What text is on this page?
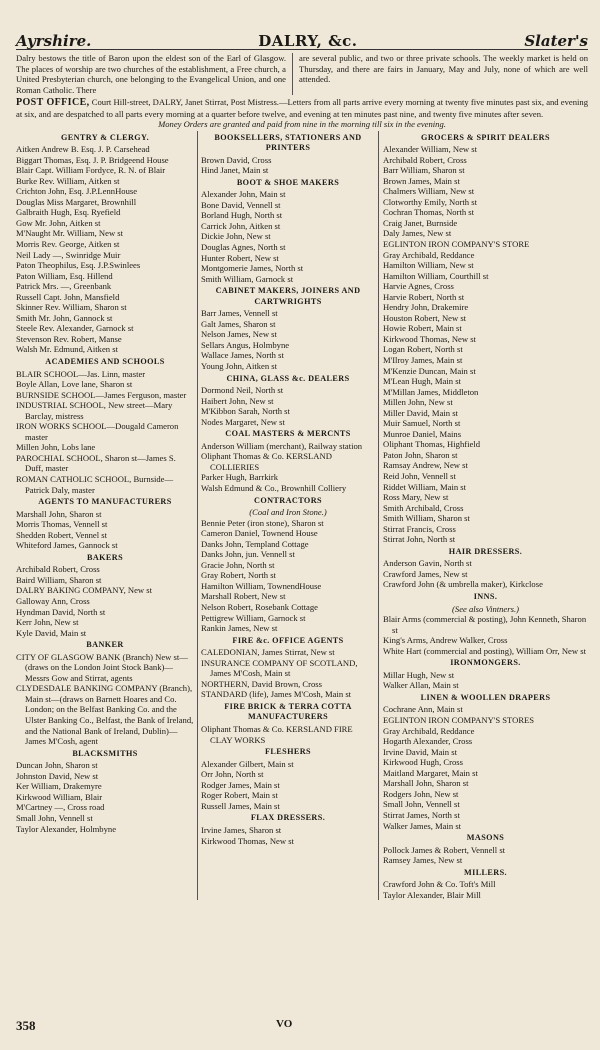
Ayrshire.	DALRY, &c.	Slater's
Dalry bestows the title of Baron upon the eldest son of the Earl of Glasgow. The places of worship are two churches of the establishment, a Free church, a United Presbyterian church, one belonging to the Evangelical Union, and one Roman Catholic. There
are several public, and two or three private schools. The weekly market is held on Thursday, and there are fairs in January, May and July, none of which are well attended.
POST OFFICE, Court Hill-street, DALRY, Janet Stirrat, Post Mistress.—Letters from all parts arrive every morning at twenty five minutes past six, and evening at six, and are despatched to all parts every morning at a quarter before twelve, and evening at ten minutes past nine, and twenty five minutes after seven.
Money Orders are granted and paid from nine in the morning till six in the evening.
GENTRY & CLERGY.
Aitken Andrew B. Esq. J. P. Carsehead
Biggart Thomas, Esq. J. P. Bridgeend House
Blair Capt. William Fordyce, R. N. of Blair
Burke Rev. William, Aitken st
Crichton John, Esq. J.P.LennHouse
Douglas Miss Margaret, Brownhill
Galbraith Hugh, Esq. Ryefield
Gow Mr. John, Aitken st
M'Naught Mr. William, New st
Morris Rev. George, Aitken st
Neil Lady —, Swinridge Muir
Paton Theophilus, Esq. J.P.Swinlees
Paton William, Esq. Hillend
Patrick Mrs. —, Greenbank
Russell Capt. John, Mansfield
Skinner Rev. William, Sharon st
Smith Mr. John, Gannock st
Steele Rev. Alexander, Garnock st
Stevenson Rev. Robert, Manse
Walsh Mr. Edmund, Aitken st
ACADEMIES AND SCHOOLS
BLAIR SCHOOL—Jas. Linn, master
Boyle Allan, Love lane, Sharon st
BURNSIDE SCHOOL—James Ferguson, master
INDUSTRIAL SCHOOL, New street—Mary Barclay, mistress
IRON WORKS SCHOOL—Dougald Cameron master
Millen John, Lobs lane
PAROCHIAL SCHOOL, Sharon st—James S. Duff, master
ROMAN CATHOLIC SCHOOL, Burnside—Patrick Daly, master
AGENTS TO MANUFACTURERS
Marshall John, Sharon st
Morris Thomas, Vennell st
Shedden Robert, Vennel st
Whiteford James, Gannock st
BAKERS
Archibald Robert, Cross
Baird William, Sharon st
DALRY BAKING COMPANY, New st
Galloway Ann, Cross
Hyndman David, North st
Kerr John, New st
Kyle David, Main st
BANKER
CITY OF GLASGOW BANK (Branch) New st—(draws on the London Joint Stock Bank)—Messrs Gow and Stirrat, agents
CLYDESDALE BANKING COMPANY (Branch), Main st—(draws on Barnett Hoares and Co. London; on the Belfast Banking Co. and the Ulster Banking Co., Belfast, the Bank of Ireland, and the National Bank of Ireland, Dublin)—James M'Cosh, agent
BLACKSMITHS
Duncan John, Sharon st
Johnston David, New st
Ker William, Drakemyre
Kirkwood William, Blair
M'Cartney —, Cross road
Small John, Vennell st
Taylor Alexander, Holmbyne
BOOKSELLERS, STATIONERS AND PRINTERS
Brown David, Cross
Hind Janet, Main st
BOOT & SHOE MAKERS
Alexander John, Main st
Bone David, Vennell st
Borland Hugh, North st
Carrick John, Aitken st
Dickie John, New st
Douglas Agnes, North st
Hunter Robert, New st
Montgomerie James, North st
Smith William, Garnock st
CABINET MAKERS, JOINERS AND CARTWRIGHTS
Barr James, Vennell st
Galt James, Sharon st
Nelson James, New st
Sellars Angus, Holmbyne
Wallace James, North st
Young John, Aitken st
CHINA, GLASS &c. DEALERS
Dormond Neil, North st
Haibert John, New st
M'Kibbon Sarah, North st
Nodes Margaret, New st
COAL MASTERS & MERCNTS
Anderson William (merchant), Railway station
Oliphant Thomas & Co. KERSLAND COLLIERIES
Parker Hugh, Barrkirk
Walsh Edmund & Co., Brownhill Colliery
CONTRACTORS
(Coal and Iron Stone.)
Bennie Peter (iron stone), Sharon st
Cameron Daniel, Townend House
Danks John, Templand Cottage
Danks John, jun. Vennell st
Gracie John, North st
Gray Robert, North st
Hamilton William, TownendHouse
Marshall Robert, New st
Nelson Robert, Rosebank Cottage
Pettigrew William, Garnock st
Rankin James, New st
FIRE &c. OFFICE AGENTS
CALEDONIAN, James Stirrat, New st
INSURANCE COMPANY OF SCOTLAND, James M'Cosh, Main st
NORTHERN, David Brown, Cross
STANDARD (life), James M'Cosh, Main st
FIRE BRICK & TERRA COTTA MANUFACTURERS
Oliphant Thomas & Co. KERSLAND FIRE CLAY WORKS
FLESHERS
Alexander Gilbert, Main st
Orr John, North st
Rodger James, Main st
Roger Robert, Main st
Russell James, Main st
FLAX DRESSERS.
Irvine James, Sharon st
Kirkwood Thomas, New st
GROCERS & SPIRIT DEALERS
Alexander William, New st
Archibald Robert, Cross
Barr William, Sharon st
Brown James, Main st
Chalmers William, New st
Clotworthy Emily, North st
Cochran Thomas, North st
Craig Janet, Burnside
Daly James, New st
EGLINTON IRON COMPANY'S STORE
Gray Archibald, Reddance
Hamilton William, New st
Hamilton William, Courthill st
Harvie Agnes, Cross
Harvie Robert, North st
Hendry John, Drakemire
Houston Robert, New st
Howie Robert, Main st
Kirkwood Thomas, New st
Logan Robert, North st
M'Ilroy James, Main st
M'Kenzie Duncan, Main st
M'Lean Hugh, Main st
M'Millan James, Middleton
Millen John, New st
Miller David, Main st
Muir Samuel, North st
Munroe Daniel, Mains
Oliphant Thomas, Highfield
Paton John, Sharon st
Ramsay Andrew, New st
Reid John, Vennell st
Riddet William, Main st
Ross Mary, New st
Smith Archibald, Cross
Smith William, Sharon st
Stirrat Francis, Cross
Stirrat John, North st
HAIR DRESSERS.
Anderson Gavin, North st
Crawford James, New st
Crawford John (& umbrella maker), Kirkclose
INNS.
(See also Vintners.)
Blair Arms (commercial & posting), John Kenneth, Sharon st
King's Arms, Andrew Walker, Cross
White Hart (commercial and posting), William Orr, New st
IRONMONGERS.
Millar Hugh, New st
Walker Allan, Main st
LINEN & WOOLLEN DRAPERS
Cochrane Ann, Main st
EGLINTON IRON COMPANY'S STORES
Gray Archibald, Reddance
Hogarth Alexander, Cross
Irvine David, Main st
Kirkwood Hugh, Cross
Maitland Margaret, Main st
Marshall John, Sharon st
Rodgers John, New st
Small John, Vennell st
Stirrat James, North st
Walker James, Main st
MASONS
Pollock James & Robert, Vennell st
Ramsey James, New st
MILLERS.
Crawford John & Co. Toft's Mill
Taylor Alexander, Blair Mill
358	VO
